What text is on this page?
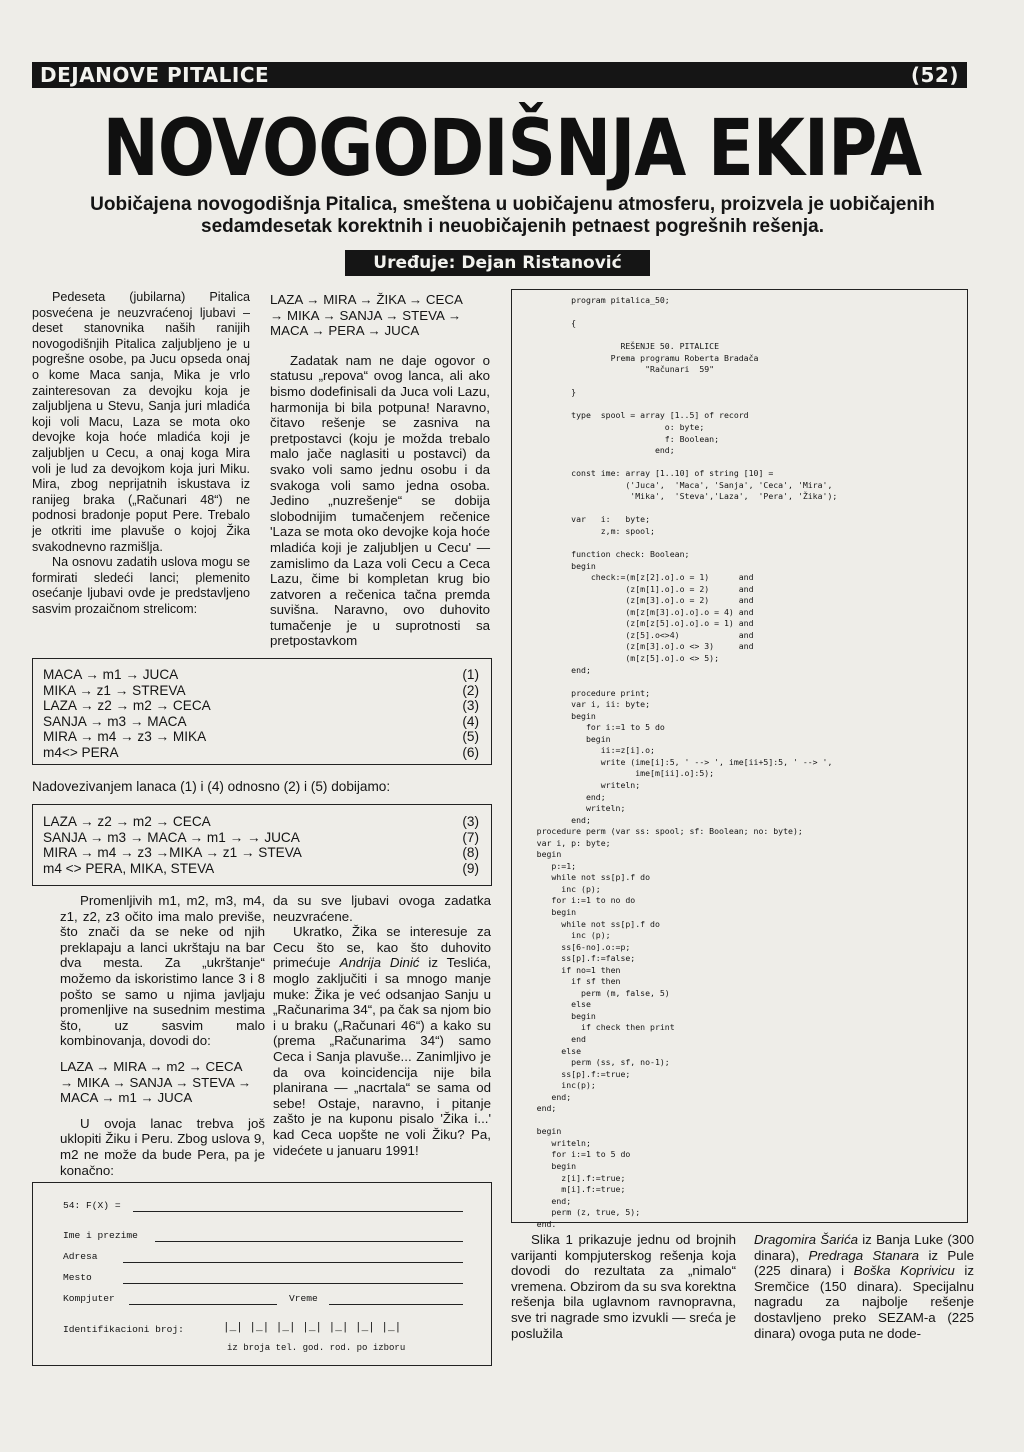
DEJANOVE PITALICE	(52)
NOVOGODIŠNJA EKIPA
Uobičajena novogodišnja Pitalica, smeštena u uobičajenu atmosferu, proizvela je uobičajenih sedamdesetak korektnih i neuobičajenih petnaest pogrešnih rešenja.
Uređuje: Dejan Ristanović

Pedeseta (jubilarna) Pitalica posvećena je neuzvraćenoj ljubavi – deset stanovnika naših ranijih novogodišnjih Pitalica zaljubljeno je u pogrešne osobe, pa Jucu opseda onaj o kome Maca sanja, Mika je vrlo zainteresovan za devojku koja je zaljubljena u Stevu, Sanja juri mladića koji voli Macu, Laza se mota oko devojke koja hoće mladića koji je zaljubljen u Cecu, a onaj koga Mira voli je lud za devojkom koja juri Miku. Mira, zbog neprijatnih iskustava iz ranijeg braka („Računari 48“) ne podnosi bradonje poput Pere. Trebalo je otkriti ime plavuše o kojoj Žika svakodnevno razmišlja.

Na osnovu zadatih uslova mogu se formirati sledeći lanci; plemenito osećanje ljubavi ovde je predstavljeno sasvim prozaičnom strelicom:

LAZA → MIRA → ŽIKA → CECA

→ MIKA → SANJA → STEVA →

MACA → PERA → JUCA

Zadatak nam ne daje ogovor o statusu „repova“ ovog lanca, ali ako bismo dodefinisali da Juca voli Lazu, harmonija bi bila potpuna! Naravno, čitavo rešenje se zasniva na pretpostavci (koju je možda trebalo malo jače naglasiti u postavci) da svako voli samo jednu osobu i da svakoga voli samo jedna osoba. Jedino „nuzrešenje“ se dobija slobodnijim tumačenjem rečenice 'Laza se mota oko devojke koja hoće mladića koji je zaljubljen u Cecu' — zamislimo da Laza voli Cecu a Ceca Lazu, čime bi kompletan krug bio zatvoren a rečenica tačna premda suvišna. Naravno, ovo duhovito tumačenje je u suprotnosti sa pretpostavkom

MACA → m1 → JUCA	(1)
MIKA → z1 → STREVA	(2)
LAZA → z2 → m2 → CECA	(3)
SANJA → m3 → MACA	(4)
MIRA → m4 → z3 → MIKA	(5)
m4<> PERA	(6)
Nadovezivanjem lanaca (1) i (4) odnosno (2) i (5) dobijamo:
LAZA → z2 → m2 → CECA	(3)
SANJA → m3 → MACA → m1 → → JUCA	(7)
MIRA → m4 → z3 →MIKA → z1 → STEVA	(8)
m4 <> PERA, MIKA, STEVA	(9)

Promenljivih m1, m2, m3, m4, z1, z2, z3 očito ima malo previše, što znači da se neke od njih preklapaju a lanci ukrštaju na bar dva mesta. Za „ukrštanje“ možemo da iskoristimo lance 3 i 8 pošto se samo u njima javljaju promenljive na susednim mestima što, uz sasvim malo kombinovanja, dovodi do:

LAZA → MIRA → m2 → CECA

→ MIKA → SANJA → STEVA →

MACA → m1 → JUCA

U ovoja lanac trebva još uklopiti Žiku i Peru. Zbog uslova 9, m2 ne može da bude Pera, pa je konačno:

da su sve ljubavi ovoga zadatka neuzvraćene.

Ukratko, Žika se interesuje za Cecu što se, kao što duhovito primećuje Andrija Dinić iz Teslića, moglo zaključiti i sa mnogo manje muke: Žika je već odsanjao Sanju u „Računarima 34“, pa čak sa njom bio i u braku („Računari 46“) a kako su (prema „Računarima 34“) samo Ceca i Sanja plavuše... Zanimljivo je da ova koincidencija nije bila planirana — „nacrtala“ se sama od sebe! Ostaje, naravno, i pitanje zašto je na kuponu pisalo 'Žika i...' kad Ceca uopšte ne voli Žiku? Pa, videćete u januaru 1991!

54: F(X) =
Ime i prezime
Adresa
Mesto
Kompjuter	Vreme
Identifikacioni broj:	|_| |_| |_| |_| |_| |_| |_|
iz broja tel. god. rod. po izboru
program pitalica_50;

{

REŠENJE 50. PITALICE
Prema programu Roberta Bradača
"Računari  59"

}

type  spool = array [1..5] of record
o: byte;
f: Boolean;
end;

const ime: array [1..10] of string [10] =
('Juca',  'Maca', 'Sanja', 'Ceca', 'Mira',
'Mika',  'Steva','Laza',  'Pera', 'Žika');

var   i:   byte;
z,m: spool;

function check: Boolean;
begin
check:=(m[z[2].o].o = 1)      and
(z[m[1].o].o = 2)      and
(z[m[3].o].o = 2)      and
(m[z[m[3].o].o].o = 4) and
(z[m[z[5].o].o].o = 1) and
(z[5].o<>4)            and
(z[m[3].o].o <> 3)     and
(m[z[5].o].o <> 5);
end;

procedure print;
var i, ii: byte;
begin
for i:=1 to 5 do
begin
ii:=z[i].o;
write (ime[i]:5, ' --> ', ime[ii+5]:5, ' --> ',
ime[m[ii].o]:5);
writeln;
end;
writeln;
end;
procedure perm (var ss: spool; sf: Boolean; no: byte);
var i, p: byte;
begin
p:=1;
while not ss[p].f do
inc (p);
for i:=1 to no do
begin
while not ss[p].f do
inc (p);
ss[6-no].o:=p;
ss[p].f:=false;
if no=1 then
if sf then
perm (m, false, 5)
else
begin
if check then print
end
else
perm (ss, sf, no-1);
ss[p].f:=true;
inc(p);
end;
end;

begin
writeln;
for i:=1 to 5 do
begin
z[i].f:=true;
m[i].f:=true;
end;
perm (z, true, 5);
end.
Slika 1 prikazuje jednu od brojnih varijanti kompjuterskog rešenja koja dovodi do rezultata za „nimalo“ vremena. Obzirom da su sva korektna rešenja bila uglavnom ravnopravna, sve tri nagrade smo izvukli — sreća je poslužila
Dragomira Šarića iz Banja Luke (300 dinara), Predraga Stanara iz Pule (225 dinara) i Boška Koprivicu iz Sremčice (150 dinara). Specijalnu nagradu za najbolje rešenje dostavljeno preko SEZAM-a (225 dinara) ovoga puta ne dode-
